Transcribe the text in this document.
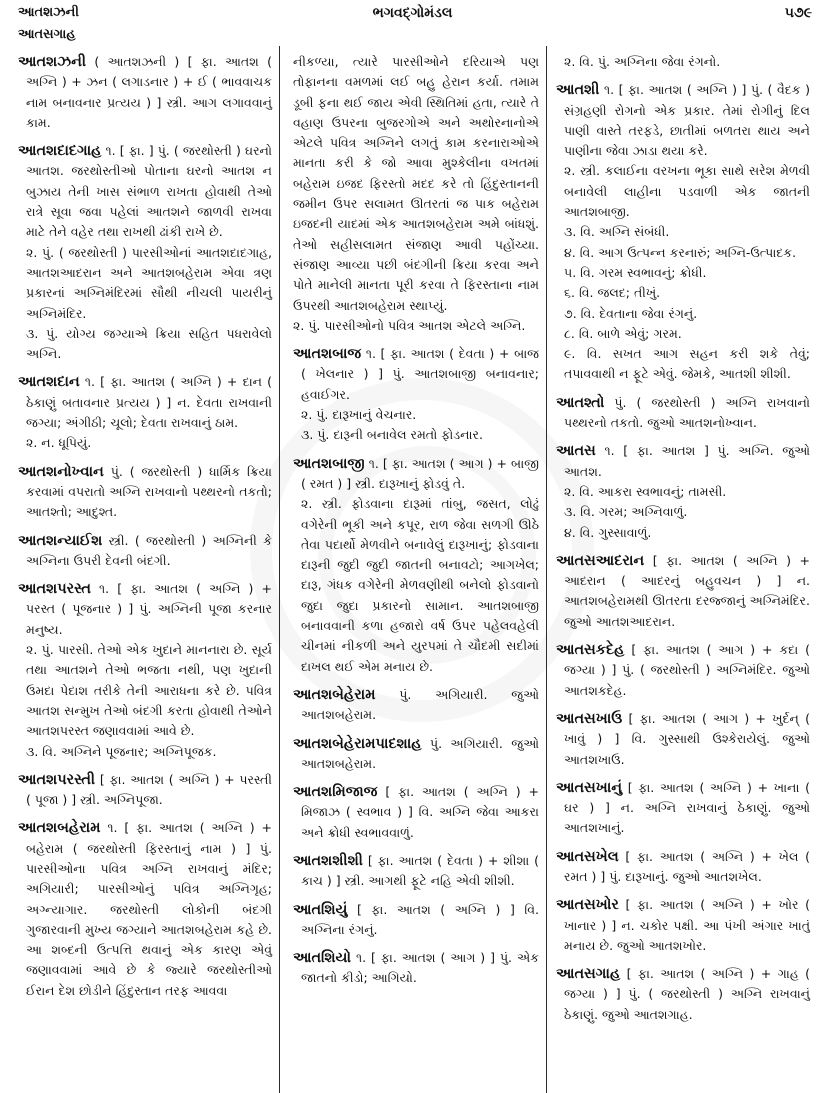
આતશઝની
આતસગાહ
ભગવદ્ગોમંડલ	૫૭૯

આતશઝની ( આતશઝની ) [ ફા. આતશ ( અગ્નિ ) + ઝન ( લગાડનાર ) + ઈ ( ભાવવાચક નામ બનાવનાર પ્રત્યય ) ] સ્ત્રી. આગ લગાવવાનું કામ.

આતશદાદગાહ ૧. [ ફા. ] પું. ( જરથોસ્તી ) ઘરનો આતશ. જરથોસ્તીઓ પોતાના ઘરનો આતશ ન બુઝાય તેની ખાસ સંભાળ રાખતા હોવાથી તેઓ રાત્રે સૂવા જવા પહેલાં આતશને જાળવી રાખવા માટે તેને વહેર તથા રાખથી ઢાંકી રાખે છે.

૨. પું. ( જરથોસ્તી ) પારસીઓનાં આતશદાદગાહ, આતશઆદરાન અને આતશબહેરામ એવા ત્રણ પ્રકારનાં અગ્નિમંદિરમાં સૌથી નીચલી પાયરીનું અગ્નિમંદિર.

૩. પું. યોગ્ય જગ્યાએ ક્રિયા સહિત પધરાવેલો અગ્નિ.

આતશદાન ૧. [ ફા. આતશ ( અગ્નિ ) + દાન ( ઠેકાણું બતાવનાર પ્રત્યય ) ] ન. દેવતા રાખવાની જગ્યા; અંગીઠી; ચૂલો; દેવતા રાખવાનું ઠામ.

૨. ન. ધૂપિયું.

આતશનોખ્વાન પું. ( જરથોસ્તી ) ધાર્મિક ક્રિયા કરવામાં વપરાતો અગ્નિ રાખવાનો પથ્થરનો તકતો; આતશ્તો; આદુશ્ત.

આતશન્યાઈશ સ્ત્રી. ( જરથોસ્તી ) અગ્નિની કે અગ્નિના ઉપરી દેવની બંદગી.

આતશપરસ્ત ૧. [ ફા. આતશ ( અગ્નિ ) + પરસ્ત ( પૂજનાર ) ] પું. અગ્નિની પૂજા કરનાર મનુષ્ય.

૨. પું. પારસી. તેઓ એક ખુદાને માનનારા છે. સૂર્ય તથા આતશને તેઓ ભજતા નથી, પણ ખુદાની ઉમદા પેદાશ તરીકે તેની આરાધના કરે છે. પવિત્ર આતશ સન્મુખ તેઓ બંદગી કરતા હોવાથી તેઓને આતશપરસ્ત જણાવવામાં આવે છે.

૩. વિ. અગ્નિને પૂજનાર; અગ્નિપૂજક.

આતશપરસ્તી [ ફા. આતશ ( અગ્નિ ) + પરસ્તી ( પૂજા ) ] સ્ત્રી. અગ્નિપૂજા.

આતશબહેરામ ૧. [ ફા. આતશ ( અગ્નિ ) + બહેરામ ( જરથોસ્તી ફિરસ્તાનું નામ ) ] પું. પારસીઓના પવિત્ર અગ્નિ રાખવાનું મંદિર; અગિયારી; પારસીઓનું પવિત્ર અગ્નિગૃહ; અગ્ન્યાગાર. જરથોસ્તી લોકોની બંદગી ગુજારવાની મુખ્ય જગ્યાને આતશબહેરામ કહે છે. આ શબ્દની ઉત્પત્તિ થવાનું એક કારણ એવું જણાવવામાં આવે છે કે જ્યારે જરથોસ્તીઓ ઈરાન દેશ છોડીને હિંદુસ્તાન તરફ આવવા

નીકળ્યા, ત્યારે પારસીઓને દરિયાએ પણ તોફાનના વમળમાં લઈ બહુ હેરાન કર્યા. તમામ ડૂબી ફના થઈ જાય એવી સ્થિતિમાં હતા, ત્યારે તે વહાણ ઉપરના બુજરગોએ અને અથોરનાનોએ એટલે પવિત્ર અગ્નિને લગતું કામ કરનારાઓએ માનતા કરી કે જો આવા મુશ્કેલીના વખતમાં બહેરામ ઇજદ ફિરસ્તો મદદ કરે તો હિંદુસ્તાનની જમીન ઉપર સલામત ઊતરતાં જ પાક બહેરામ ઇજદની યાદમાં એક આતશબહેરામ અમે બાંધશું. તેઓ સહીસલામત સંજાણ આવી પહોંચ્યા. સંજાણ આવ્યા પછી બંદગીની ક્રિયા કરવા અને પોતે માનેલી માનતા પૂરી કરવા તે ફિરસ્તાના નામ ઉપરથી આતશબહેરામ સ્થાપ્યું.

૨. પું. પારસીઓનો પવિત્ર આતશ એટલે અગ્નિ.

આતશબાજ ૧. [ ફા. આતશ ( દેવતા ) + બાજ ( ખેલનાર ) ] પું. આતશબાજી બનાવનાર; હવાઈગર.

૨. પું. દારૂખાનું વેચનાર.

૩. પું. દારૂની બનાવેલ રમતો ફોડનાર.

આતશબાજી ૧. [ ફા. આતશ ( આગ ) + બાજી ( રમત ) ] સ્ત્રી. દારૂખાનું ફોડવું તે.

૨. સ્ત્રી. ફોડવાના દારૂમાં તાંબુ, જસત, લોઢું વગેરેની ભૂકી અને કપૂર, રાળ જેવા સળગી ઊઠે તેવા પદાર્થો મેળવીને બનાવેલું દારૂખાનું; ફોડવાના દારૂની જુદી જુદી જાતની બનાવટો; આગખેલ; દારૂ, ગંધક વગેરેની મેળવણીથી બનેલો ફોડવાનો જુદા જુદા પ્રકારનો સામાન. આતશબાજી બનાવવાની કળા હજારો વર્ષ ઉપર પહેલવહેલી ચીનમાં નીકળી અને યુરપમાં તે ચૌદમી સદીમાં દાખલ થઈ એમ મનાય છે.

આતશબેહેરામ પું. અગિયારી. જુઓ આતશબહેરામ.

આતશબેહેરામપાદશાહ પું. અગિયારી. જુઓ આતશબહેરામ.

આતશમિજાજ [ ફા. આતશ ( અગ્નિ ) + મિજાઝ ( સ્વભાવ ) ] વિ. અગ્નિ જેવા આકરા અને ક્રોધી સ્વભાવવાળું.

આતશશીશી [ ફા. આતશ ( દેવતા ) + શીશા ( કાચ ) ] સ્ત્રી. આગથી ફૂટે નહિ એવી શીશી.

આતશિયું [ ફા. આતશ ( અગ્નિ ) ] વિ. અગ્નિના રંગનું.

આતશિયો ૧. [ ફા. આતશ ( આગ ) ] પું. એક જાતનો કીડો; આગિયો.

૨. વિ. પું. અગ્નિના જેવા રંગનો.

આતશી ૧. [ ફા. આતશ ( અગ્નિ ) ] પું. ( વૈદક ) સંગ્રહણી રોગનો એક પ્રકાર. તેમાં રોગીનું દિલ પાણી વાસ્તે તરફડે, છાતીમાં બળતરા થાય અને પાણીના જેવા ઝાડા થયા કરે.

૨. સ્ત્રી. કલાઈના વરખના ભૂકા સાથે સરેશ મેળવી બનાવેલી લાહીના પડવાળી એક જાતની આતશબાજી.

૩. વિ. અગ્નિ સંબંધી.

૪. વિ. આગ ઉત્પન્ન કરનારું; અગ્નિ-ઉત્પાદક.

૫. વિ. ગરમ સ્વભાવનું; ક્રોધી.

૬. વિ. જલદ; તીખું.

૭. વિ. દેવતાના જેવા રંગનું.

૮. વિ. બાળે એવું; ગરમ.

૯. વિ. સખત આગ સહન કરી શકે તેવું; તપાવવાથી ન ફૂટે એવું. જેમકે, આતશી શીશી.

આતશ્તો પું. ( જરથોસ્તી ) અગ્નિ રાખવાનો પથ્થરનો તકતો. જુઓ આતશનોખ્વાન.

આતસ ૧. [ ફા. આતશ ] પું. અગ્નિ. જુઓ આતશ.

૨. વિ. આકરા સ્વભાવનું; તામસી.

૩. વિ. ગરમ; અગ્નિવાળું.

૪. વિ. ગુસ્સાવાળું.

આતસઆદરાન [ ફા. આતશ ( અગ્નિ ) + આદરાન ( આદરનું બહુવચન ) ] ન. આતશબહેરામથી ઊતરતા દરજ્જાનું અગ્નિમંદિર. જુઓ આતશઆદરાન.

આતસકદેહ [ ફા. આતશ ( આગ ) + કદા ( જગ્યા ) ] પું. ( જરથોસ્તી ) અગ્નિમંદિર. જુઓ આતશકદેહ.

આતસખાઉ [ ફા. આતશ ( આગ ) + ખુર્દન્ ( ખાવું ) ] વિ. ગુસ્સાથી ઉશ્કેરાયેલું. જુઓ આતશખાઉ.

આતસખાનું [ ફા. આતશ ( અગ્નિ ) + ખાના ( ઘર ) ] ન. અગ્નિ રાખવાનું ઠેકાણું. જુઓ આતશખાનું.

આતસખેલ [ ફા. આતશ ( અગ્નિ ) + ખેલ ( રમત ) ] પું. દારૂખાનું. જુઓ આતશખેલ.

આતસખોર [ ફા. આતશ ( અગ્નિ ) + ખોર ( ખાનાર ) ] ન. ચકોર પક્ષી. આ પંખી અંગાર ખાતું મનાય છે. જુઓ આતશખોર.

આતસગાહ [ ફા. આતશ ( અગ્નિ ) + ગાહ ( જગ્યા ) ] પું. ( જરથોસ્તી ) અગ્નિ રાખવાનું ઠેકાણું. જુઓ આતશગાહ.
